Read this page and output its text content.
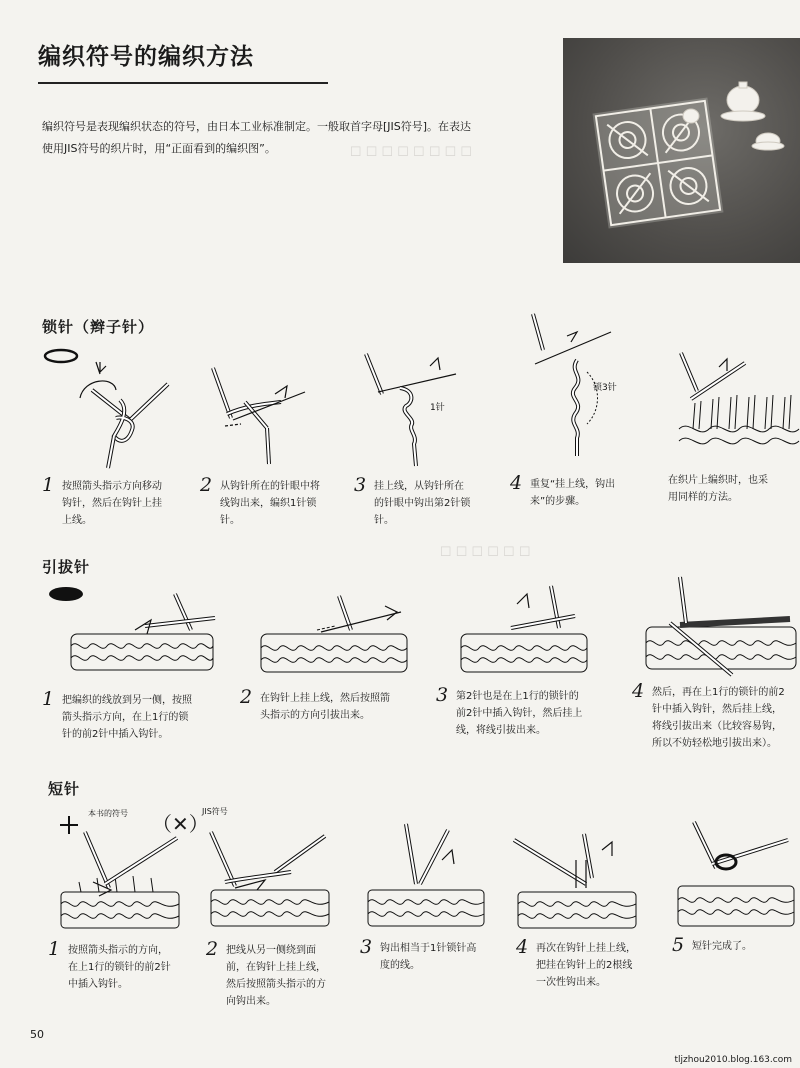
编织符号的编织方法
编织符号是表现编织状态的符号，由日本工业标准制定。一般取首字母[JIS符号]。在表达
使用JIS符号的织片时，用“正面看到的编织图”。	☐ ☐ ☐ ☐ ☐ ☐ ☐ ☐
☐ ☐ ☐ ☐ ☐ ☐
锁针（辫子针）
1针
锁3针
1 按照箭头指示方向移动
钩针，然后在钩针上挂
上线。
2 从钩针所在的针眼中将
线钩出来，编织1针锁
针。
3 挂上线，从钩针所在
的针眼中钩出第2针锁
针。
4 重复“挂上线，钩出
来”的步骤。
在织片上编织时，也采
用同样的方法。
引拔针
1 把编织的线放到另一侧，按照
箭头指示方向，在上1行的锁
针的前2针中插入钩针。
2 在钩针上挂上线，然后按照箭
头指示的方向引拔出来。
3 第2针也是在上1行的锁针的
前2针中插入钩针，然后挂上
线，将线引拔出来。
4 然后，再在上1行的锁针的前2
针中插入钩针，然后挂上线，
将线引拔出来（比较容易钩，
所以不妨轻松地引拔出来）。
短针
本书的符号 （✕）
JIS符号
1 按照箭头指示的方向，
在上1行的锁针的前2针
中插入钩针。
2 把线从另一侧绕到面
前，在钩针上挂上线，
然后按照箭头指示的方
向钩出来。
3 钩出相当于1针锁针高
度的线。
4 再次在钩针上挂上线，
把挂在钩针上的2根线
一次性钩出来。
5 短针完成了。
50
tljzhou2010.blog.163.com
